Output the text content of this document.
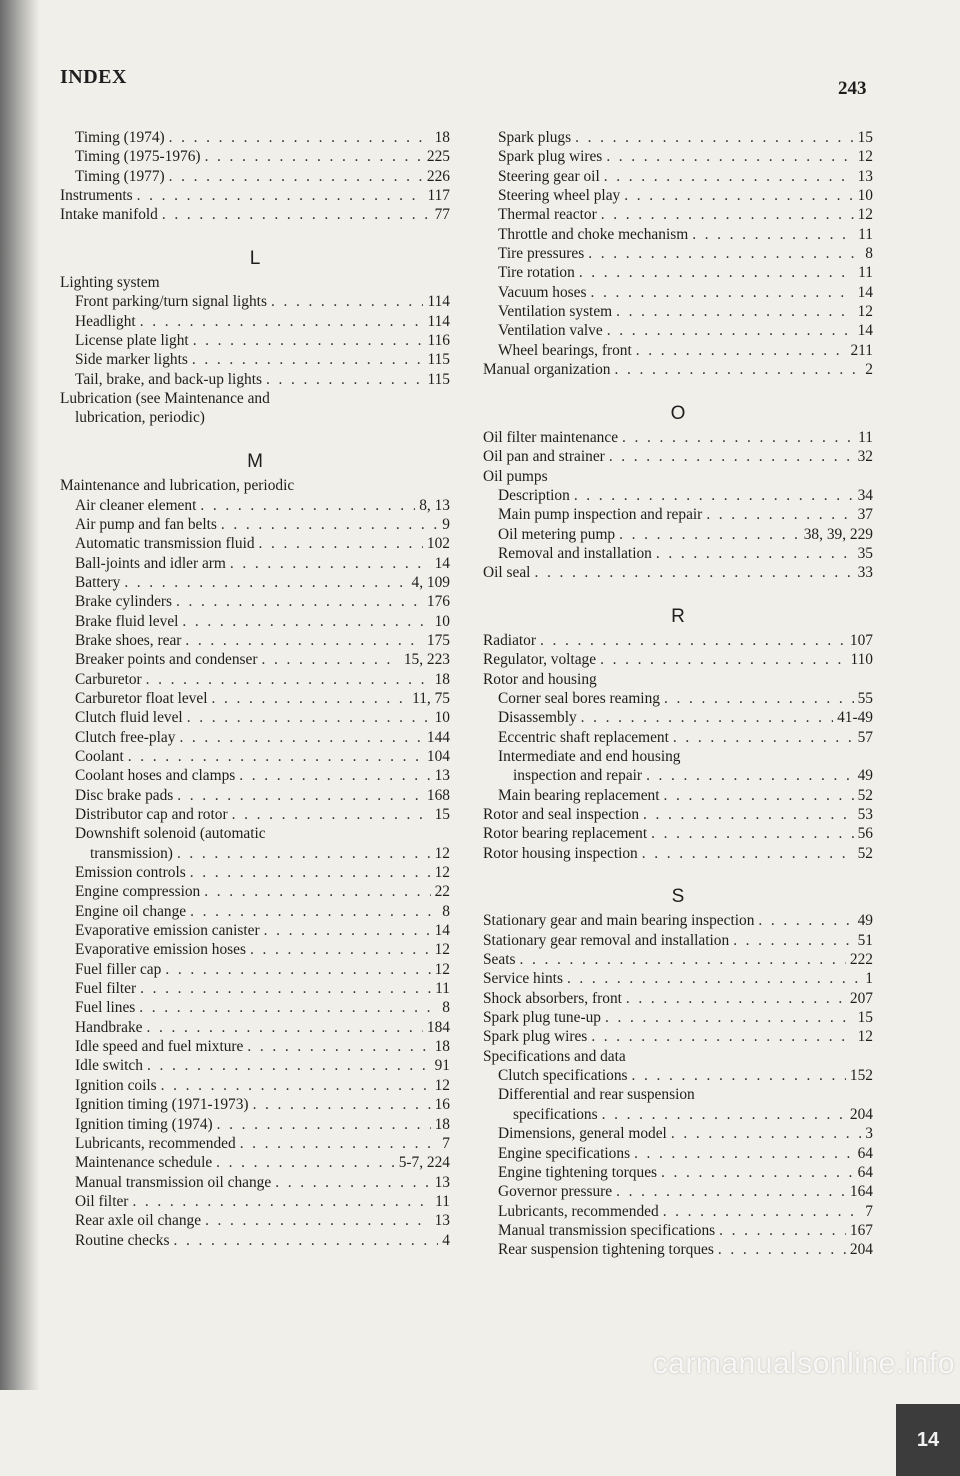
INDEX
243
Timing (1974) . . .	18
Timing (1975-1976) . . .	225
Timing (1977) . . .	226
Instruments . . .	117
Intake manifold . . .	77
L
Lighting system
Front parking/turn signal lights . . .	114
Headlight . . .	114
License plate light . . .	116
Side marker lights . . .	115
Tail, brake, and back-up lights . . .	115
Lubrication (see Maintenance and
lubrication, periodic)
M
Maintenance and lubrication, periodic
Air cleaner element . . .	8, 13
Air pump and fan belts . . .	9
Automatic transmission fluid . . .	102
Ball-joints and idler arm . . .	14
Battery . . .	4, 109
Brake cylinders . . .	176
Brake fluid level . . .	10
Brake shoes, rear . . .	175
Breaker points and condenser . . .	15, 223
Carburetor . . .	18
Carburetor float level . . .	11, 75
Clutch fluid level . . .	10
Clutch free-play . . .	144
Coolant . . .	104
Coolant hoses and clamps . . .	13
Disc brake pads . . .	168
Distributor cap and rotor . . .	15
Downshift solenoid (automatic
transmission) . . .	12
Emission controls . . .	12
Engine compression . . .	22
Engine oil change . . .	8
Evaporative emission canister . . .	14
Evaporative emission hoses . . .	12
Fuel filler cap . . .	12
Fuel filter . . .	11
Fuel lines . . .	8
Handbrake . . .	184
Idle speed and fuel mixture . . .	18
Idle switch . . .	91
Ignition coils . . .	12
Ignition timing (1971-1973) . . .	16
Ignition timing (1974) . . .	18
Lubricants, recommended . . .	7
Maintenance schedule . . .	5-7, 224
Manual transmission oil change . . .	13
Oil filter . . .	11
Rear axle oil change . . .	13
Routine checks . . .	4
Spark plugs . . .	15
Spark plug wires . . .	12
Steering gear oil . . .	13
Steering wheel play . . .	10
Thermal reactor . . .	12
Throttle and choke mechanism . . .	11
Tire pressures . . .	8
Tire rotation . . .	11
Vacuum hoses . . .	14
Ventilation system . . .	12
Ventilation valve . . .	14
Wheel bearings, front . . .	211
Manual organization . . .	2
O
Oil filter maintenance . . .	11
Oil pan and strainer . . .	32
Oil pumps
Description . . .	34
Main pump inspection and repair . . .	37
Oil metering pump . . .	38, 39, 229
Removal and installation . . .	35
Oil seal . . .	33
R
Radiator . . .	107
Regulator, voltage . . .	110
Rotor and housing
Corner seal bores reaming . . .	55
Disassembly . . .	41-49
Eccentric shaft replacement . . .	57
Intermediate and end housing
inspection and repair . . .	49
Main bearing replacement . . .	52
Rotor and seal inspection . . .	53
Rotor bearing replacement . . .	56
Rotor housing inspection . . .	52
S
Stationary gear and main bearing inspection . . .	49
Stationary gear removal and installation . . .	51
Seats . . .	222
Service hints . . .	1
Shock absorbers, front . . .	207
Spark plug tune-up . . .	15
Spark plug wires . . .	12
Specifications and data
Clutch specifications . . .	152
Differential and rear suspension
specifications . . .	204
Dimensions, general model . . .	3
Engine specifications . . .	64
Engine tightening torques . . .	64
Governor pressure . . .	164
Lubricants, recommended . . .	7
Manual transmission specifications . . .	167
Rear suspension tightening torques . . .	204
14
carmanualsonline.info
